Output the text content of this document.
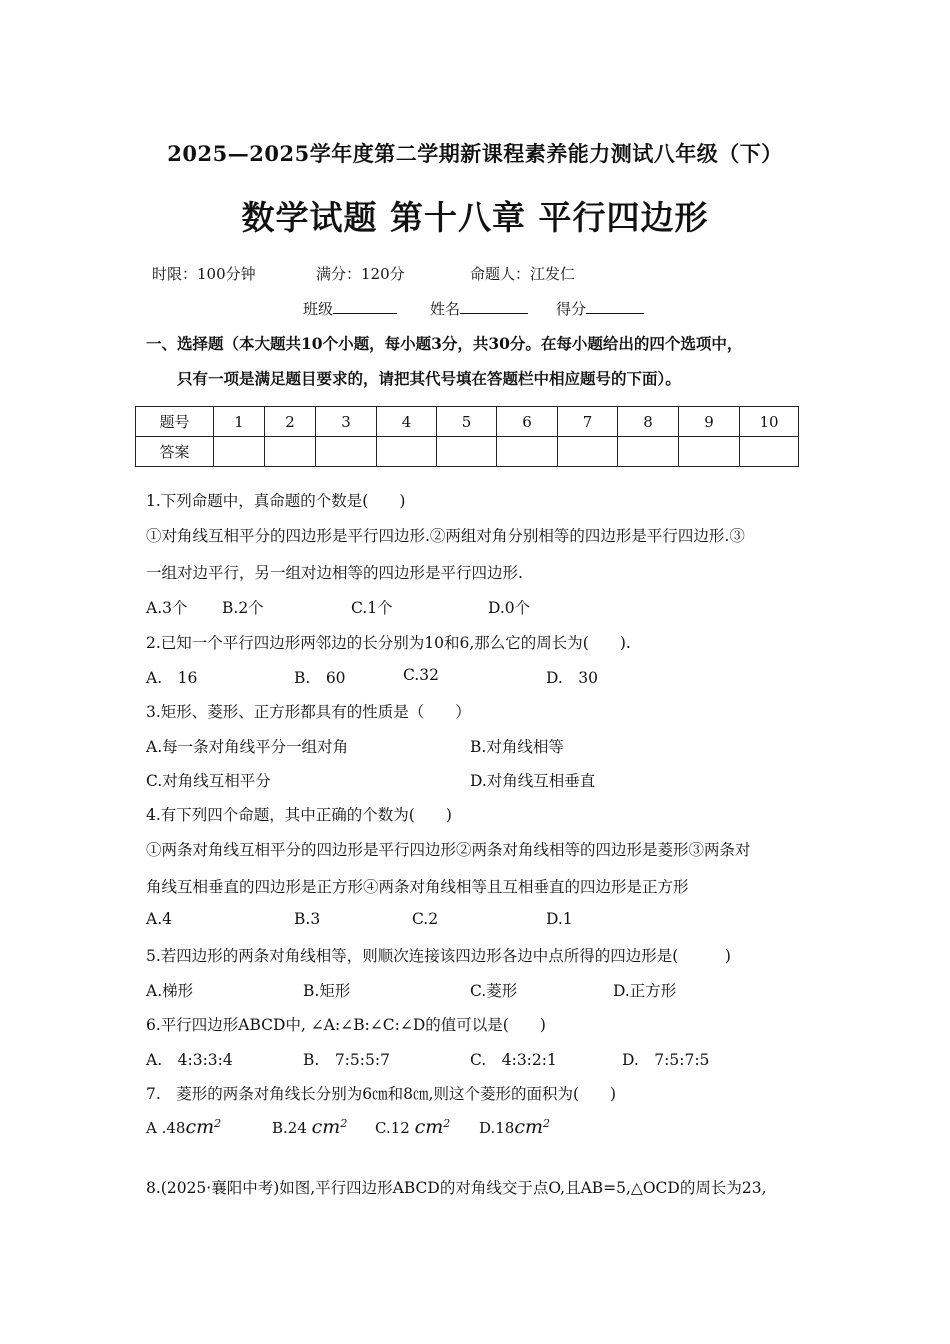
2025—2025学年度第二学期新课程素养能力测试八年级（下）
数学试题 第十八章 平行四边形
时限：100分钟	满分：120分	命题人：江发仁
班级	姓名	得分
一、选择题（本大题共10个小题，每小题3分，共30分。在每小题给出的四个选项中，
只有一项是满足题目要求的，请把其代号填在答题栏中相应题号的下面）。
题号	1	2	3	4	5	6	7	8	9	10
答案										
1.下列命题中，真命题的个数是(　　)
①对角线互相平分的四边形是平行四边形.②两组对角分别相等的四边形是平行四边形.③
一组对边平行，另一组对边相等的四边形是平行四边形.
A.3个 B.2个	C.1个	D.0个
2.已知一个平行四边形两邻边的长分别为10和6,那么它的周长为(　　).
A.　16	B.　60	C.32	D.　30
3.矩形、菱形、正方形都具有的性质是（　　）
A.每一条对角线平分一组对角	B.对角线相等
C.对角线互相平分	D.对角线互相垂直
4.有下列四个命题，其中正确的个数为(　　)
①两条对角线互相平分的四边形是平行四边形②两条对角线相等的四边形是菱形③两条对
角线互相垂直的四边形是正方形④两条对角线相等且互相垂直的四边形是正方形
A.4	B.3	C.2	D.1
5.若四边形的两条对角线相等，则顺次连接该四边形各边中点所得的四边形是(　　　)
A.梯形	B.矩形	C.菱形	D.正方形
6.平行四边形ABCD中, ∠A:∠B:∠C:∠D的值可以是(　　)
A.　4:3:3:4	B.　7:5:5:7	C.　4:3:2:1	D.　7:5:7:5
7.　菱形的两条对角线长分别为6㎝和8㎝,则这个菱形的面积为(　　)
A $.48cm^2$	B.24 $cm^2$ C.12 $cm^2$ $D.18cm^2$
8.(2025·襄阳中考)如图,平行四边形ABCD的对角线交于点O,且AB=5,△OCD的周长为23,
